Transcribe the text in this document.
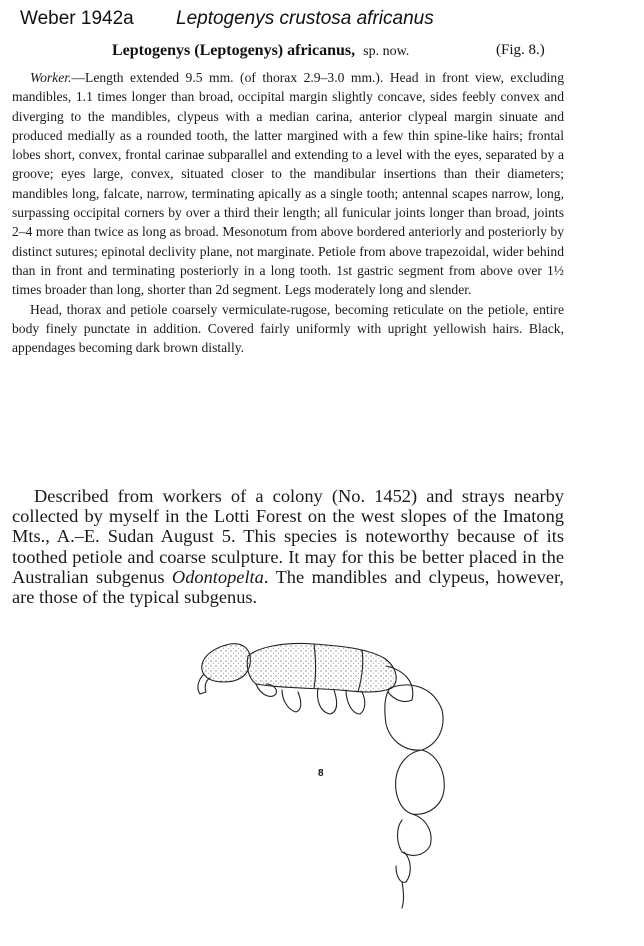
Weber 1942a Leptogenys crustosa africanus
Leptogenys (Leptogenys) africanus, sp. now.	(Fig. 8.)

Worker.—Length extended 9.5 mm. (of thorax 2.9–3.0 mm.). Head in front view, excluding mandibles, 1.1 times longer than broad, occipital margin slightly concave, sides feebly convex and diverging to the mandibles, clypeus with a median carina, anterior clypeal margin sinuate and produced medially as a rounded tooth, the latter margined with a few thin spine-like hairs; frontal lobes short, convex, frontal carinae subparallel and extending to a level with the eyes, separated by a groove; eyes large, convex, situated closer to the mandibular insertions than their diameters; mandibles long, falcate, narrow, terminating apically as a single tooth; antennal scapes narrow, long, surpassing occipital corners by over a third their length; all funicular joints longer than broad, joints 2–4 more than twice as long as broad. Mesonotum from above bordered anteriorly and posteriorly by distinct sutures; epinotal declivity plane, not marginate. Petiole from above trapezoidal, wider behind than in front and terminating posteriorly in a long tooth. 1st gastric segment from above over 1½ times broader than long, shorter than 2d segment. Legs moderately long and slender.

Head, thorax and petiole coarsely vermiculate-rugose, becoming reticulate on the petiole, entire body finely punctate in addition. Covered fairly uniformly with upright yellowish hairs. Black, appendages becoming dark brown distally.

Described from workers of a colony (No. 1452) and strays nearby collected by myself in the Lotti Forest on the west slopes of the Imatong Mts., A.–E. Sudan August 5. This species is noteworthy because of its toothed petiole and coarse sculpture. It may for this be better placed in the Australian subgenus Odontopelta. The mandibles and clypeus, however, are those of the typical subgenus.
8
